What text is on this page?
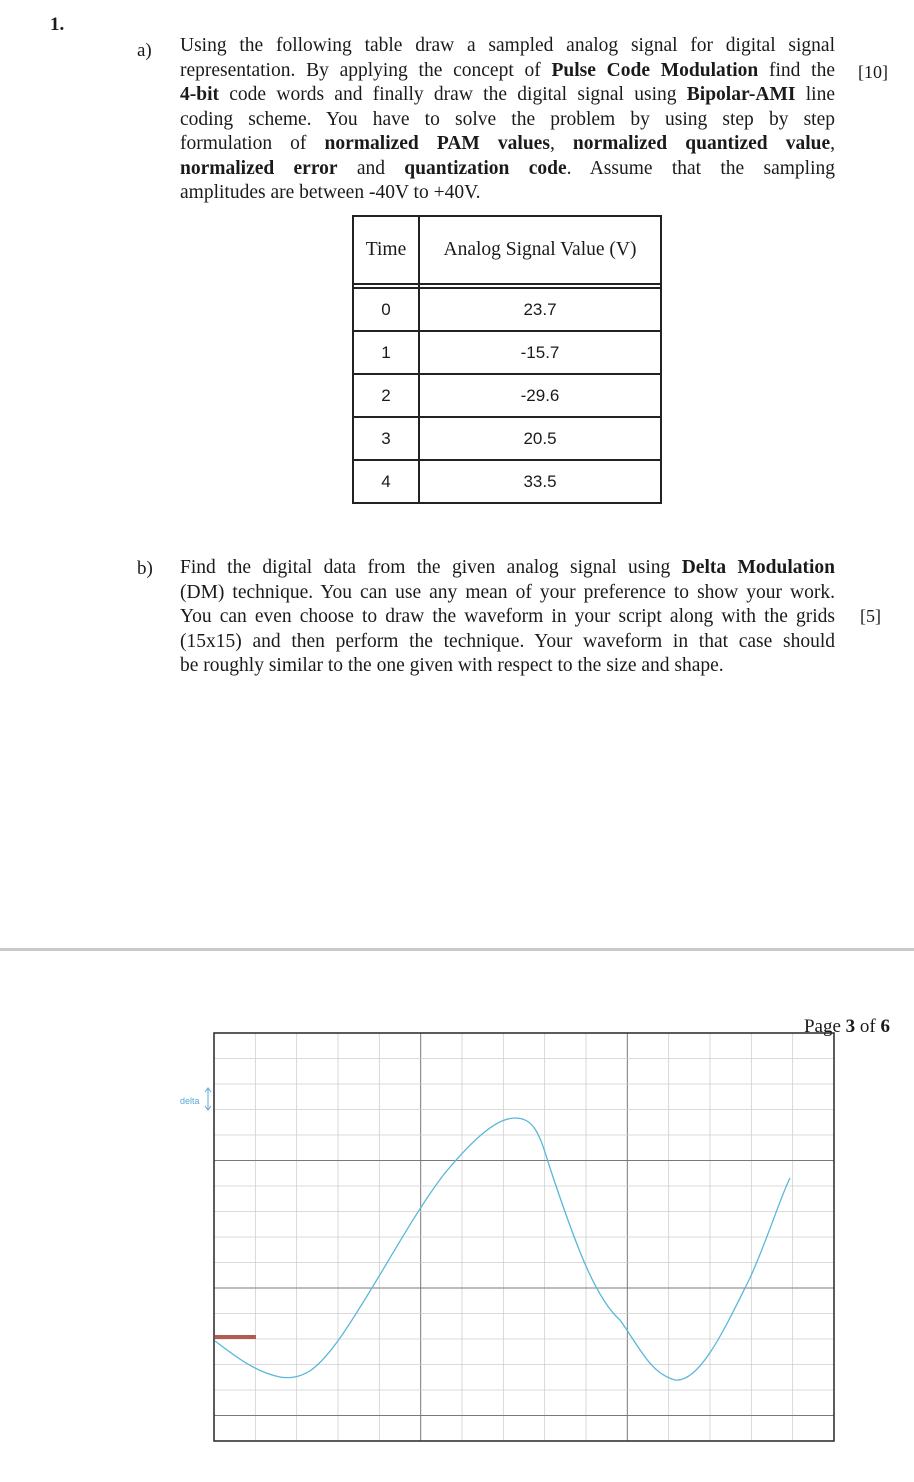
1.
a)
[10]
Using the following table draw a sampled analog signal for digital signal
representation. By applying the concept of Pulse Code Modulation find the
4-bit code words and finally draw the digital signal using Bipolar-AMI line
coding scheme. You have to solve the problem by using step by step
formulation of normalized PAM values, normalized quantized value,
normalized error and quantization code. Assume that the sampling
amplitudes are between -40V to +40V.
Time	Analog Signal Value (V)

0	23.7
1	-15.7
2	-29.6
3	20.5
4	33.5
b)
[5]
Find the digital data from the given analog signal using Delta Modulation
(DM) technique. You can use any mean of your preference to show your work.
You can even choose to draw the waveform in your script along with the grids
(15x15) and then perform the technique. Your waveform in that case should
be roughly similar to the one given with respect to the size and shape.
Page 3 of 6
delta
